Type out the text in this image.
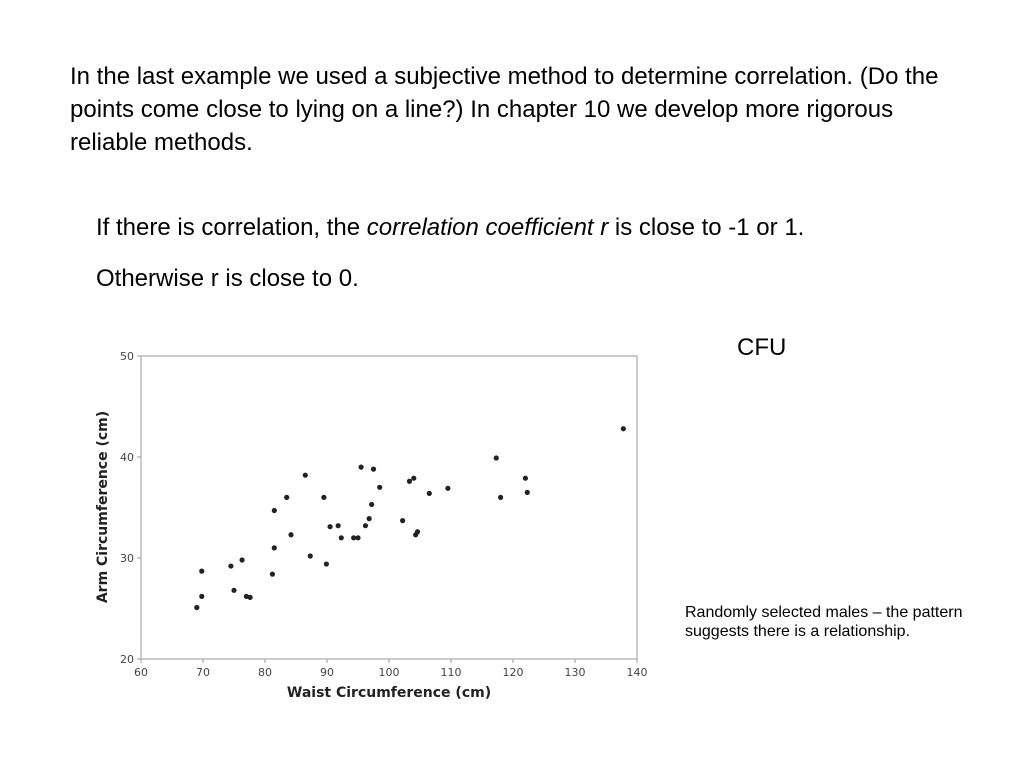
In the last example we used a subjective method to determine correlation. (Do the points come close to lying on a line?) In chapter 10 we develop more rigorous reliable methods.

If there is correlation, the correlation coefficient r is close to -1 or 1.

Otherwise r is close to 0.

CFU

Randomly selected males – the pattern suggests there is a relationship.

60	70	80	90	100	110	120	130	140
20
30
40
50
Waist Circumference (cm)
Arm Circumference (cm)
